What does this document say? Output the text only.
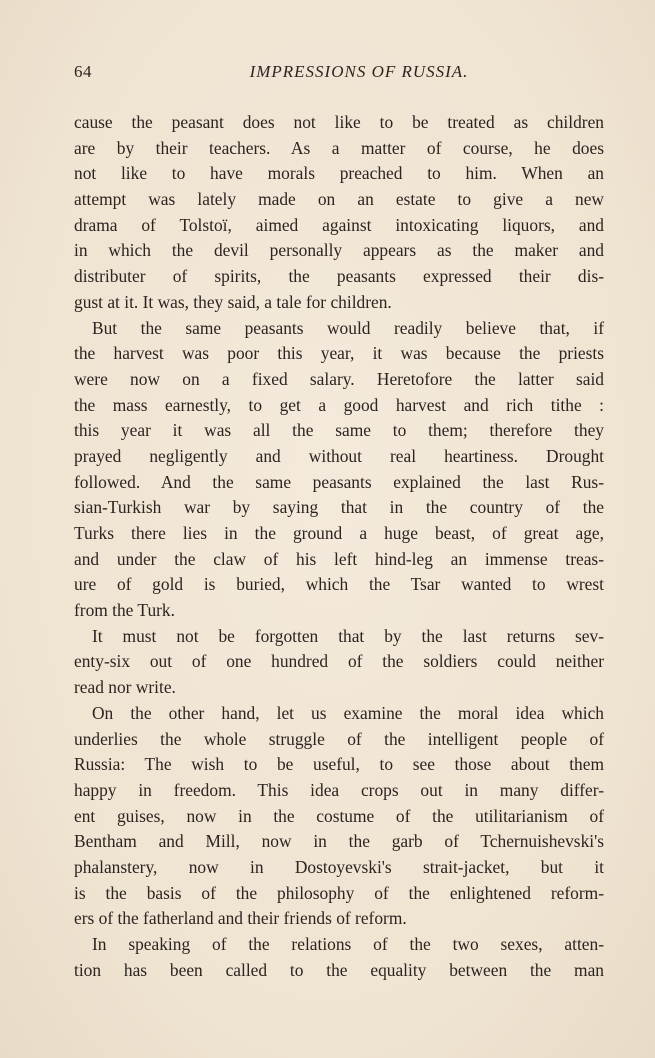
64	IMPRESSIONS OF RUSSIA.
cause the peasant does not like to be treated as children
are by their teachers. As a matter of course, he does
not like to have morals preached to him. When an
attempt was lately made on an estate to give a new
drama of Tolstoï, aimed against intoxicating liquors, and
in which the devil personally appears as the maker and
distributer of spirits, the peasants expressed their dis-
gust at it. It was, they said, a tale for children.
But the same peasants would readily believe that, if
the harvest was poor this year, it was because the priests
were now on a fixed salary. Heretofore the latter said
the mass earnestly, to get a good harvest and rich tithe :
this year it was all the same to them; therefore they
prayed negligently and without real heartiness. Drought
followed. And the same peasants explained the last Rus-
sian-Turkish war by saying that in the country of the
Turks there lies in the ground a huge beast, of great age,
and under the claw of his left hind-leg an immense treas-
ure of gold is buried, which the Tsar wanted to wrest
from the Turk.
It must not be forgotten that by the last returns sev-
enty-six out of one hundred of the soldiers could neither
read nor write.
On the other hand, let us examine the moral idea which
underlies the whole struggle of the intelligent people of
Russia: The wish to be useful, to see those about them
happy in freedom. This idea crops out in many differ-
ent guises, now in the costume of the utilitarianism of
Bentham and Mill, now in the garb of Tchernuishevski's
phalanstery, now in Dostoyevski's strait-jacket, but it
is the basis of the philosophy of the enlightened reform-
ers of the fatherland and their friends of reform.
In speaking of the relations of the two sexes, atten-
tion has been called to the equality between the man
